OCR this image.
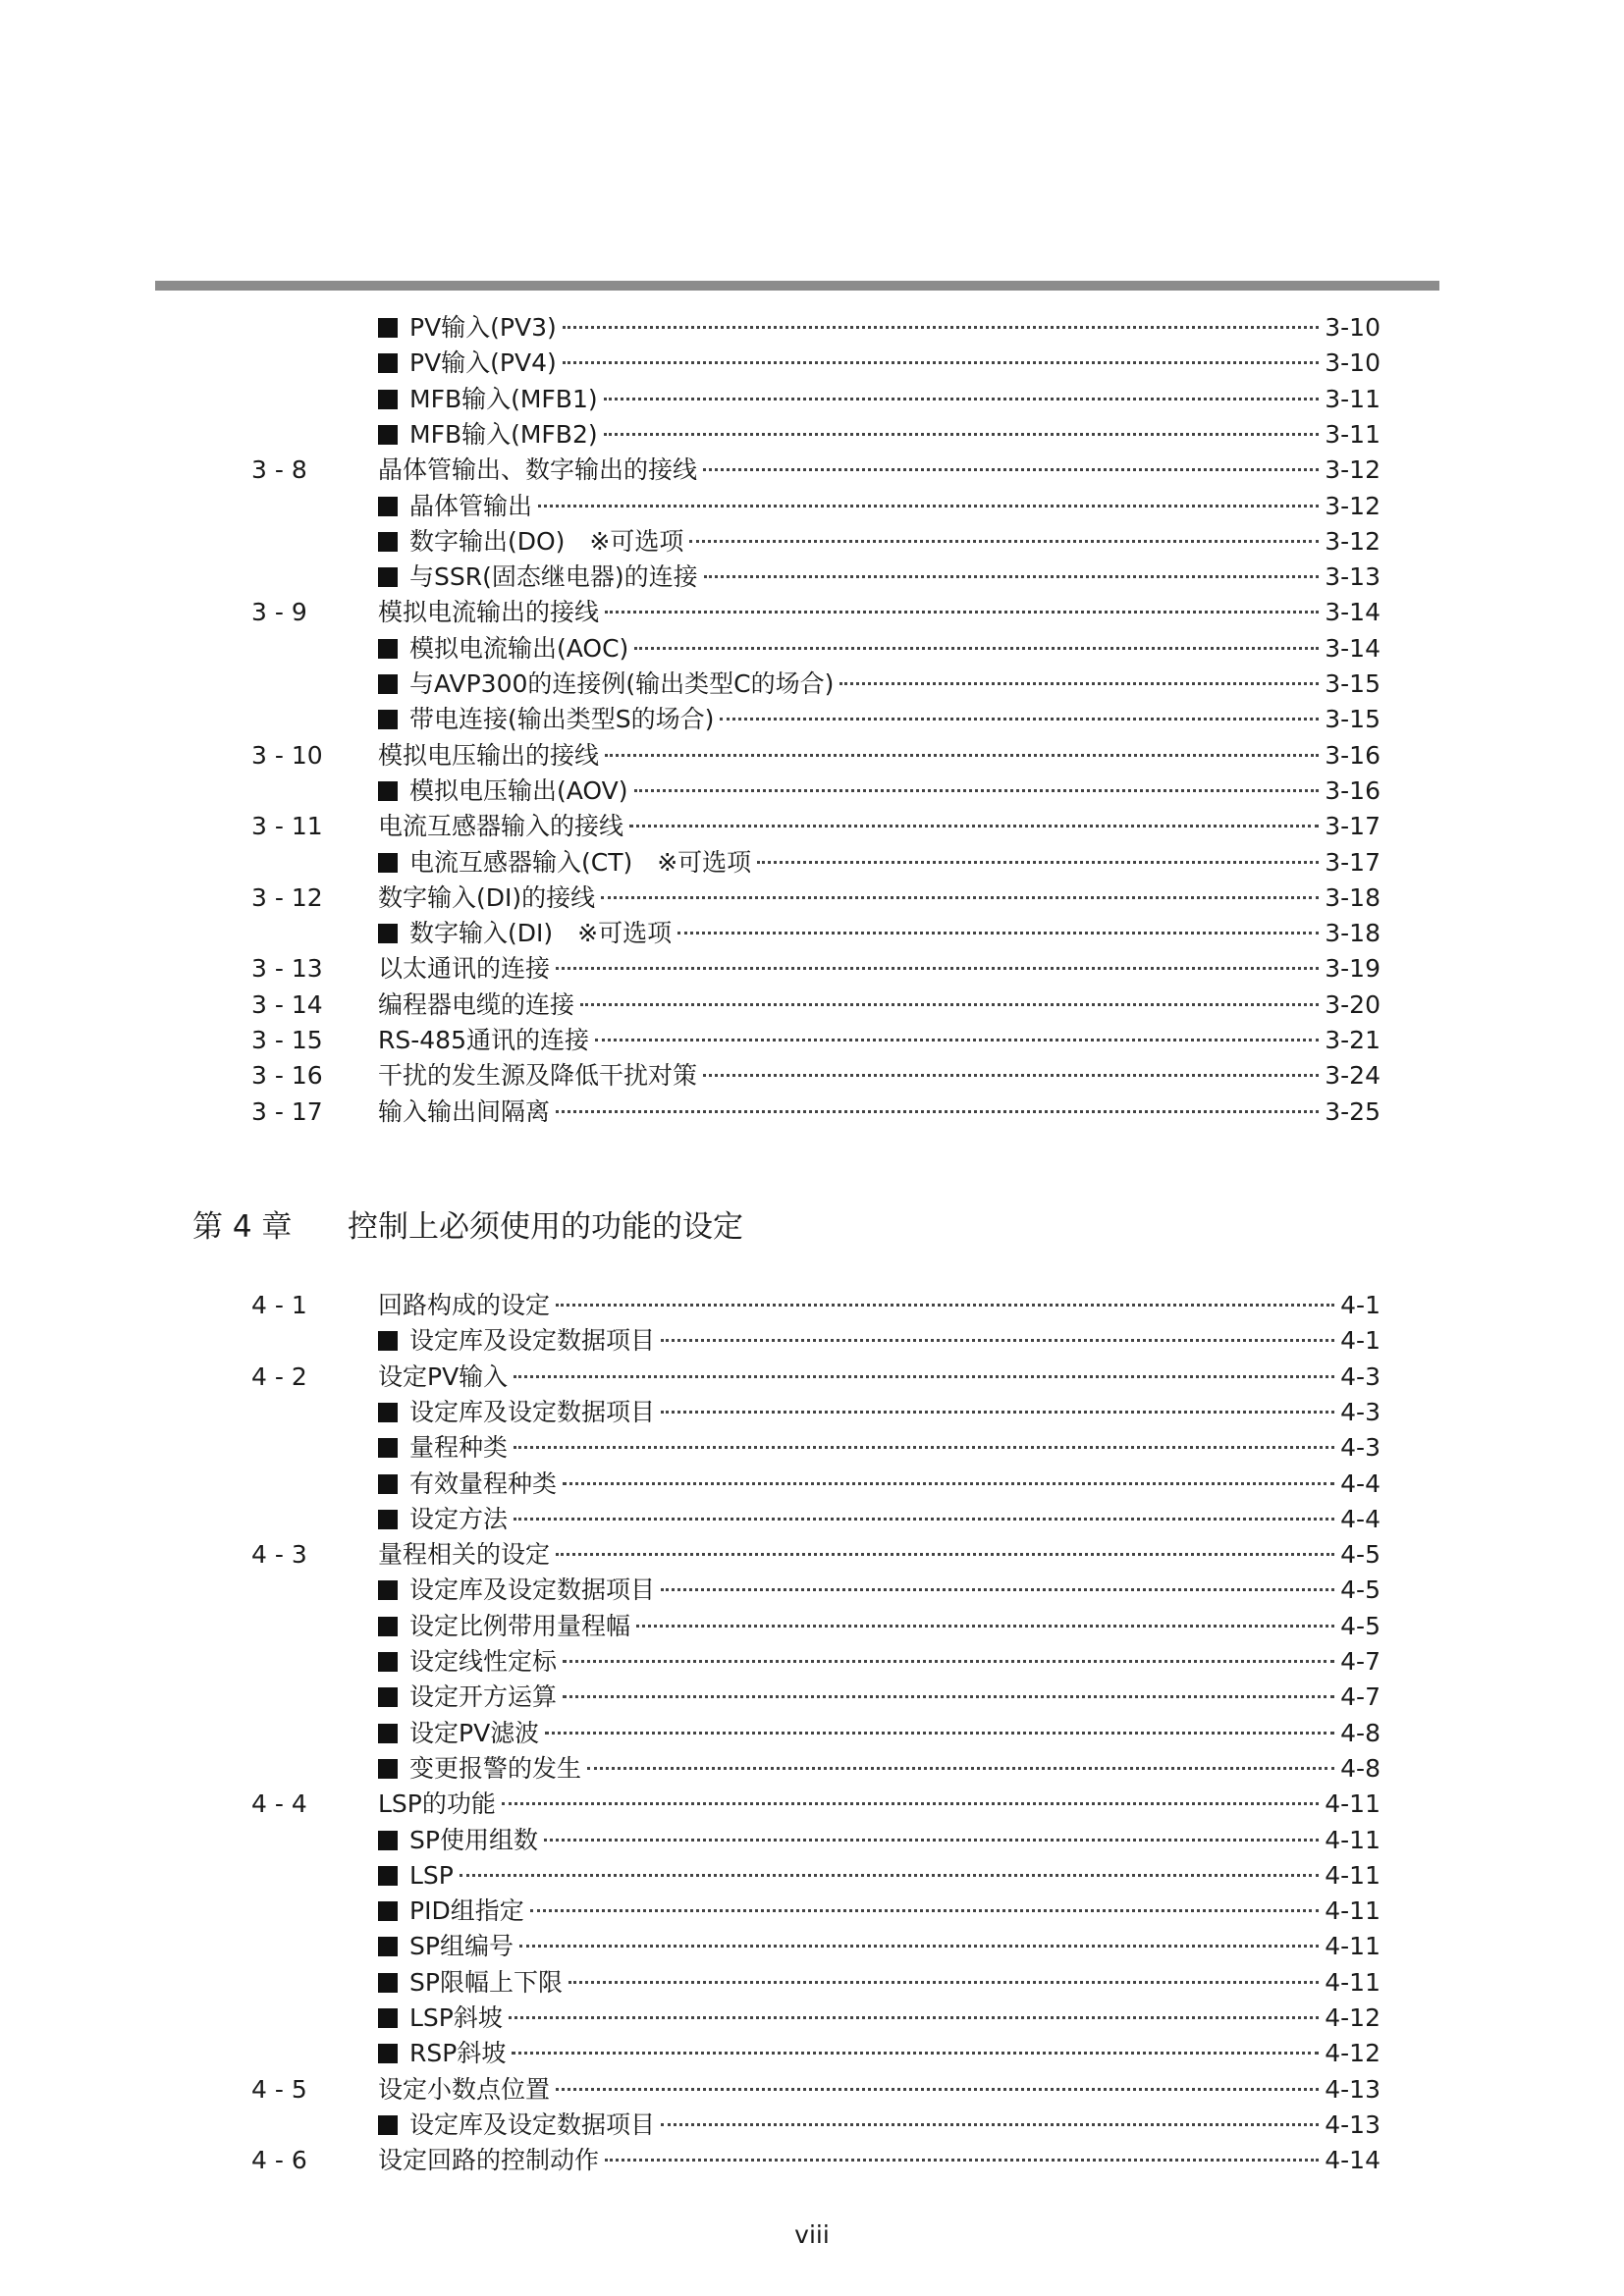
PV输入(PV3)	3-10
PV输入(PV4)	3-10
MFB输入(MFB1)	3-11
MFB输入(MFB2)	3-11
3 - 8	晶体管输出、数字输出的接线	3-12
晶体管输出	3-12
数字输出(DO)　※可选项	3-12
与SSR(固态继电器)的连接	3-13
3 - 9	模拟电流输出的接线	3-14
模拟电流输出(AOC)	3-14
与AVP300的连接例(输出类型C的场合)	3-15
带电连接(输出类型S的场合)	3-15
3 - 10 模拟电压输出的接线	3-16
模拟电压输出(AOV)	3-16
3 - 11 电流互感器输入的接线	3-17
电流互感器输入(CT)　※可选项	3-17
3 - 12 数字输入(DI)的接线	3-18
数字输入(DI)　※可选项	3-18
3 - 13 以太通讯的连接	3-19
3 - 14 编程器电缆的连接	3-20
3 - 15 RS-485通讯的连接	3-21
3 - 16 干扰的发生源及降低干扰对策	3-24
3 - 17 输入输出间隔离	3-25
第 4 章 控制上必须使用的功能的设定
4 - 1	回路构成的设定	4-1
设定库及设定数据项目	4-1
4 - 2	设定PV输入	4-3
设定库及设定数据项目	4-3
量程种类	4-3
有效量程种类	4-4
设定方法	4-4
4 - 3	量程相关的设定	4-5
设定库及设定数据项目	4-5
设定比例带用量程幅	4-5
设定线性定标	4-7
设定开方运算	4-7
设定PV滤波	4-8
变更报警的发生	4-8
4 - 4	LSP的功能	4-11
SP使用组数	4-11
LSP	4-11
PID组指定	4-11
SP组编号	4-11
SP限幅上下限	4-11
LSP斜坡	4-12
RSP斜坡	4-12
4 - 5	设定小数点位置	4-13
设定库及设定数据项目	4-13
4 - 6	设定回路的控制动作	4-14
viii
